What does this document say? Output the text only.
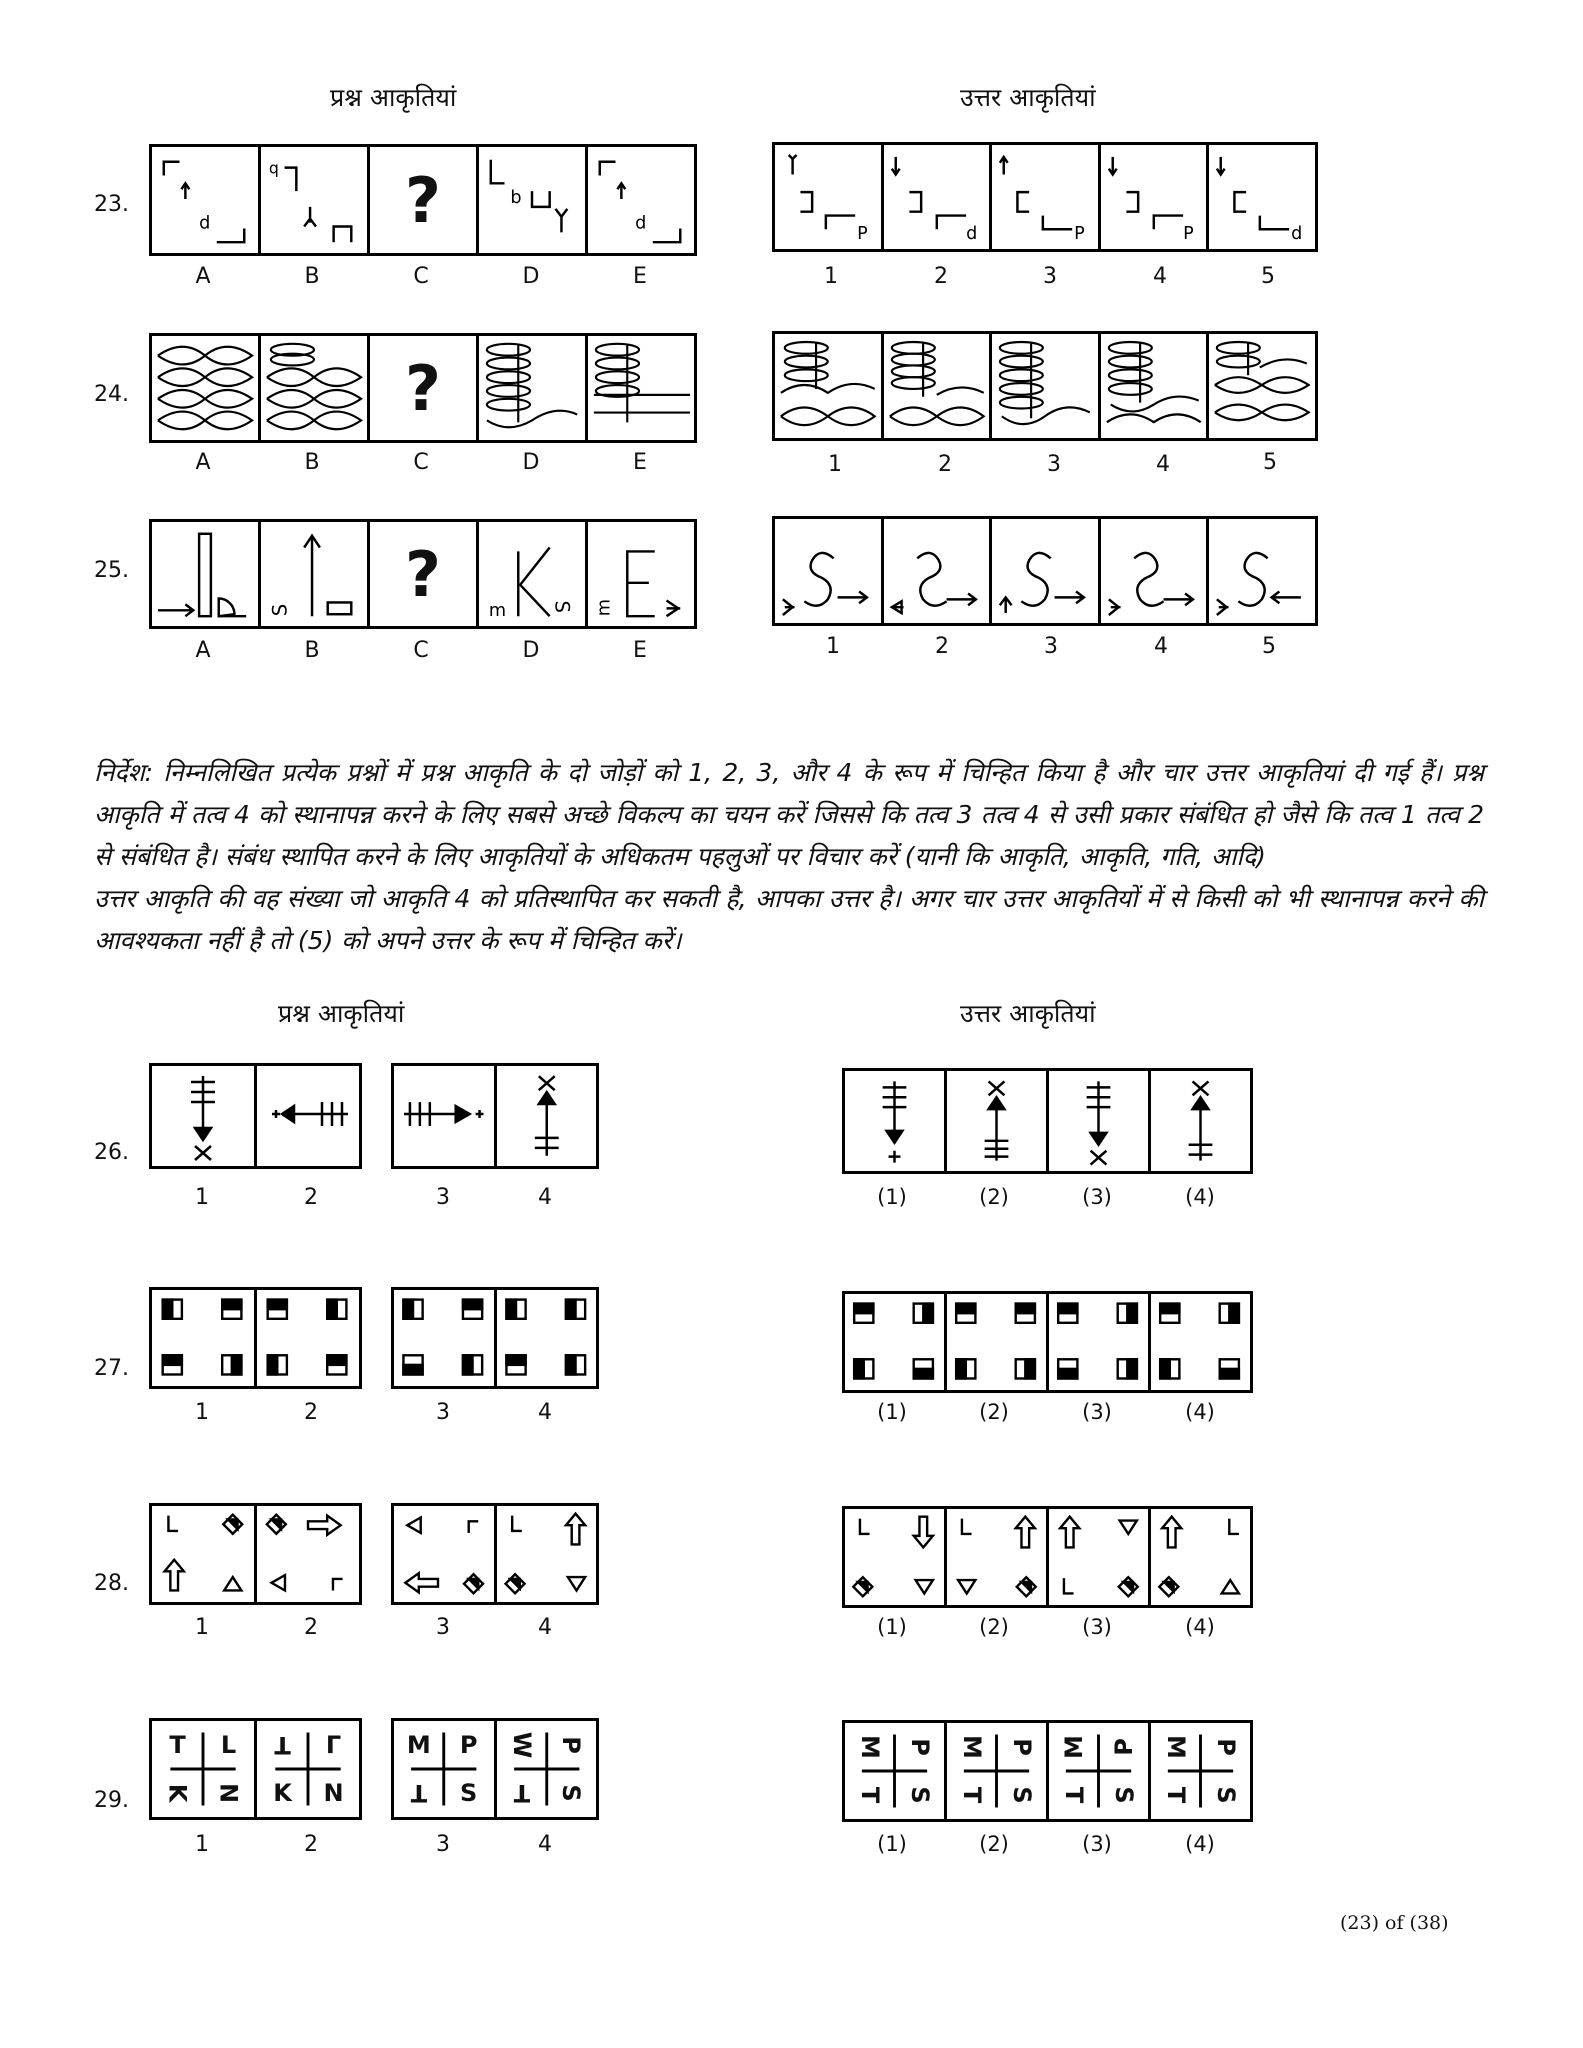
प्रश्न आकृतियां	उत्तर आकृतियां
23.
d
q	?	b
d
P	d	P	P	d
A	B	C	D	E	1	2	3	4	5
24.	?
A	B	C	D	E	1	2	3	4	5
25.
S	?
m S m
A	B	C	D	E	1	2	3	4	5

निर्देश: निम्नलिखित प्रत्येक प्रश्नों में प्रश्न आकृति के दो जोड़ों को 1, 2, 3, और 4 के रूप में चिन्हित किया है और चार उत्तर आकृतियां दी गई हैं। प्रश्न आकृति में तत्व 4 को स्थानापन्न करने के लिए सबसे अच्छे विकल्प का चयन करें जिससे कि तत्व 3 तत्व 4 से उसी प्रकार संबंधित हो जैसे कि तत्व 1 तत्व 2 से संबंधित है। संबंध स्थापित करने के लिए आकृतियों के अधिकतम पहलुओं पर विचार करें (यानी कि आकृति, आकृति, गति, आदि)

उत्तर आकृति की वह संख्या जो आकृति 4 को प्रतिस्थापित कर सकती है, आपका उत्तर है। अगर चार उत्तर आकृतियों में से किसी को भी स्थानापन्न करने की आवश्यकता नहीं है तो (5) को अपने उत्तर के रूप में चिन्हित करें।

प्रश्न आकृतियां	उत्तर आकृतियां
26.
1	2	3	4	(1)	(2)	(3)	(4)
27.
1	2	3	4	(1)	(2)	(3)	(4)
28.
1	2	3	4	(1)	(2)	(3)	(4)
29.
T	L
K N
T	Γ
K	N
M	P
T	S
W P
T	S
M P
T S
M P
T S
M P
T S
M P
T S
1	2	3	4	(1)	(2)	(3)	(4)
(23) of (38)
